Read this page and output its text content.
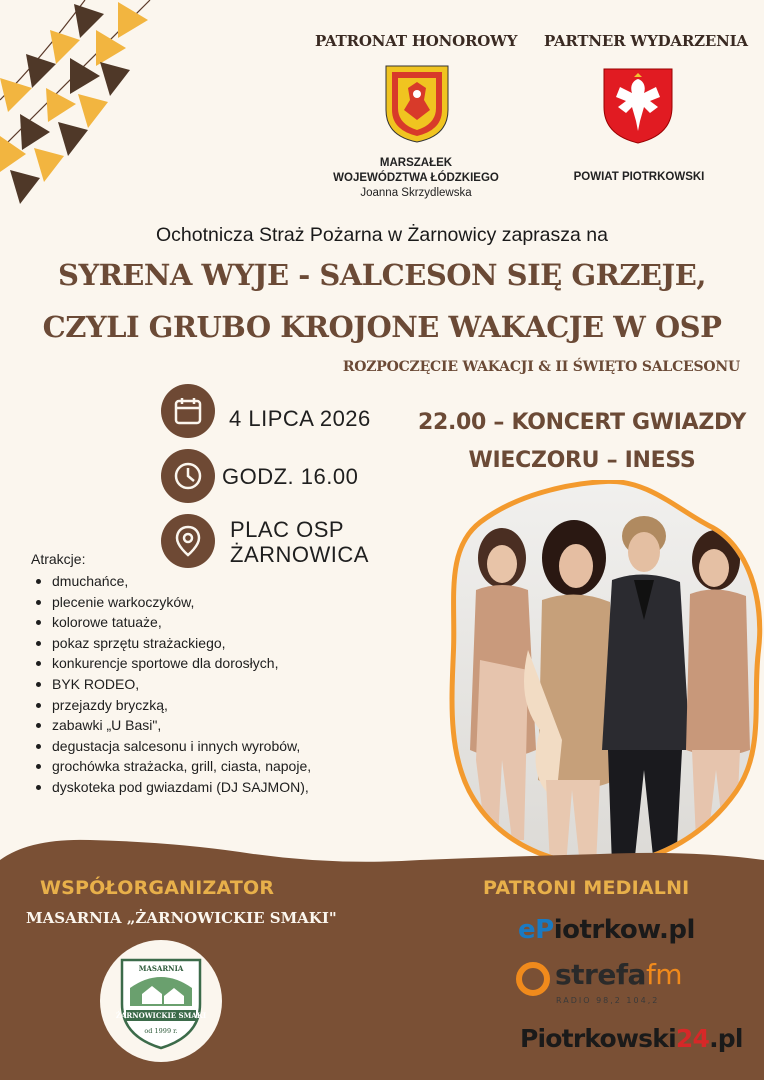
PATRONAT HONOROWY PARTNER WYDARZENIA
MARSZAŁEK
WOJEWÓDZTWA ŁÓDZKIEGO
Joanna Skrzydlewska
POWIAT PIOTRKOWSKI
Ochotnicza Straż Pożarna w Żarnowicy zaprasza na
SYRENA WYJE - SALCESON SIĘ GRZEJE,
CZYLI GRUBO KROJONE WAKACJE W OSP
ROZPOCZĘCIE WAKACJI & II ŚWIĘTO SALCESONU
4 LIPCA 2026
GODZ. 16.00
PLAC OSP
ŻARNOWICA
22.00 – KONCERT GWIAZDY
WIECZORU – INESS
Atrakcje:
dmuchańce,
plecenie warkoczyków,
kolorowe tatuaże,
pokaz sprzętu strażackiego,
konkurencje sportowe dla dorosłych,
BYK RODEO,
przejazdy bryczką,
zabawki „U Basi",
degustacja salcesonu i innych wyrobów,
grochówka strażacka, grill, ciasta, napoje,
dyskoteka pod gwiazdami (DJ SAJMON),
WSPÓŁORGANIZATOR
MASARNIA „ŻARNOWICKIE SMAKI"
MASARNIA
ŻARNOWICKIE SMAKI
od 1999 r.
PATRONI MEDIALNI
ePiotrkow.pl
strefafm
RADIO 98,2 104,2
Piotrkowski24.pl
